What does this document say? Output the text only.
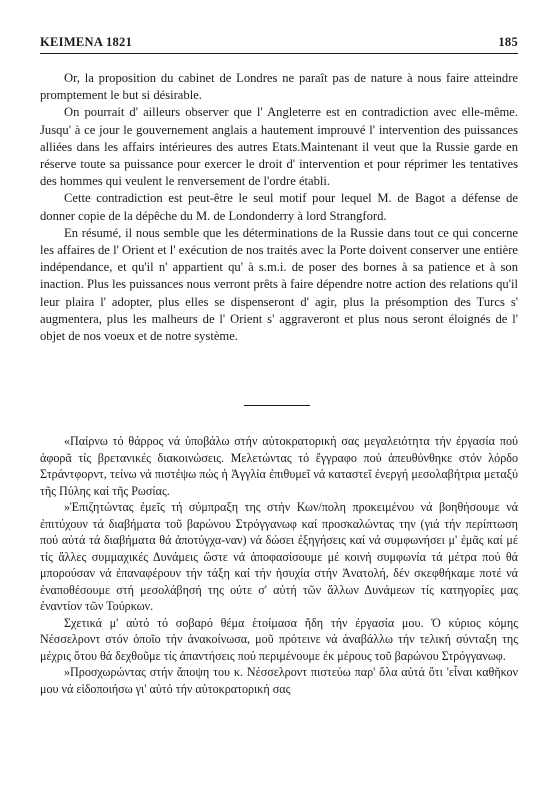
ΚΕΙΜΕΝΑ 1821	185

Or, la proposition du cabinet de Londres ne paraît pas de nature à nous faire atteindre promptement le but si désirable.

On pourrait d' ailleurs observer que l' Angleterre est en contradiction avec elle-même. Jusqu' à ce jour le gouvernement anglais a hautement improuvé l' intervention des puissances alliées dans les affairs intérieures des autres Etats.Maintenant il veut que la Russie garde en réserve toute sa puissance pour exercer le droit d' intervention et pour réprimer les tentatives des hommes qui veulent le renversement de l'ordre établi.

Cette contradiction est peut-être le seul motif pour lequel M. de Bagot a défense de donner copie de la dépêche du M. de Londonderry à lord Strangford.

En résumé, il nous semble que les déterminations de la Russie dans tout ce qui concerne les affaires de l' Orient et l' exécution de nos traités avec la Porte doivent conserver une entière indépendance, et qu'il n' appartient qu' à s.m.i. de poser des bornes à sa patience et à son inaction. Plus les puissances nous verront prêts à faire dépendre notre action des relations qu'il leur plaira l' adopter, plus elles se dispenseront d' agir, plus la présomption des Turcs s' augmentera, plus les malheurs de l' Orient s' aggraveront et plus nous seront éloignés de l' objet de nos voeux et de notre système.

«Παίρνω τό θάρρος νά ὑποβάλω στήν αὐτοκρατορική σας μεγαλειότητα τήν ἐργασία πού ἀφορᾶ τίς βρετανικές διακοινώσεις. Μελετώντας τό ἔγγραφο πού ἀπευθύνθηκε στόν λόρδο Στράντφορντ, τείνω νά πιστέψω πώς ἡ Ἀγγλία ἐπιθυμεῖ νά καταστεῖ ἐνεργή μεσολαβήτρια μεταξύ τῆς Πύλης καί τῆς Ρωσίας.

»Ἐπιζητώντας ἐμεῖς τή σύμπραξη της στήν Κων/πολη προκειμένου νά βοηθήσουμε νά ἐπιτύχουν τά διαβήματα τοῦ βαρώνου Στρόγγανωφ καί προσκαλώντας την (γιά τήν περίπτωση πού αὐτά τά διαβήματα θά ἀποτύγχα-ναν) νά δώσει ἐξηγήσεις καί νά συμφωνήσει μ' ἐμᾶς καί μέ τίς ἄλλες συμμαχικές Δυνάμεις ὥστε νά ἀποφασίσουμε μέ κοινή συμφωνία τά μέτρα πού θά μπορούσαν νά ἐπαναφέρουν τήν τάξη καί τήν ἡσυχία στήν Ἀνατολή, δέν σκεφθήκαμε ποτέ νά ἐναποθέσουμε στή μεσολάβησή της ούτε σ' αὐτή τῶν ἄλλων Δυνάμεων τίς κατηγορίες μας ἐναντίον τῶν Τούρκων.

Σχετικά μ' αὐτό τό σοβαρό θέμα ἑτοίμασα ἤδη τήν ἐργασία μου. Ὁ κύριος κόμης Νέσσελροντ στόν ὁποῖο τήν ἀνακοίνωσα, μοῦ πρότεινε νά ἀναβάλλω τήν τελική σύνταξη της μέχρις ὅτου θά δεχθοῦμε τίς ἀπαντήσεις πού περιμένουμε ἐκ μέρους τοῦ βαρώνου Στρόγγανωφ.

»Προσχωρώντας στήν ἄποψη του κ. Νέσσελροντ πιστεύω παρ' ὅλα αὐτά ὅτι 'εἶναι καθῆκον μου νά εἰδοποιήσω γι' αὐτό τήν αὐτοκρατορική σας
